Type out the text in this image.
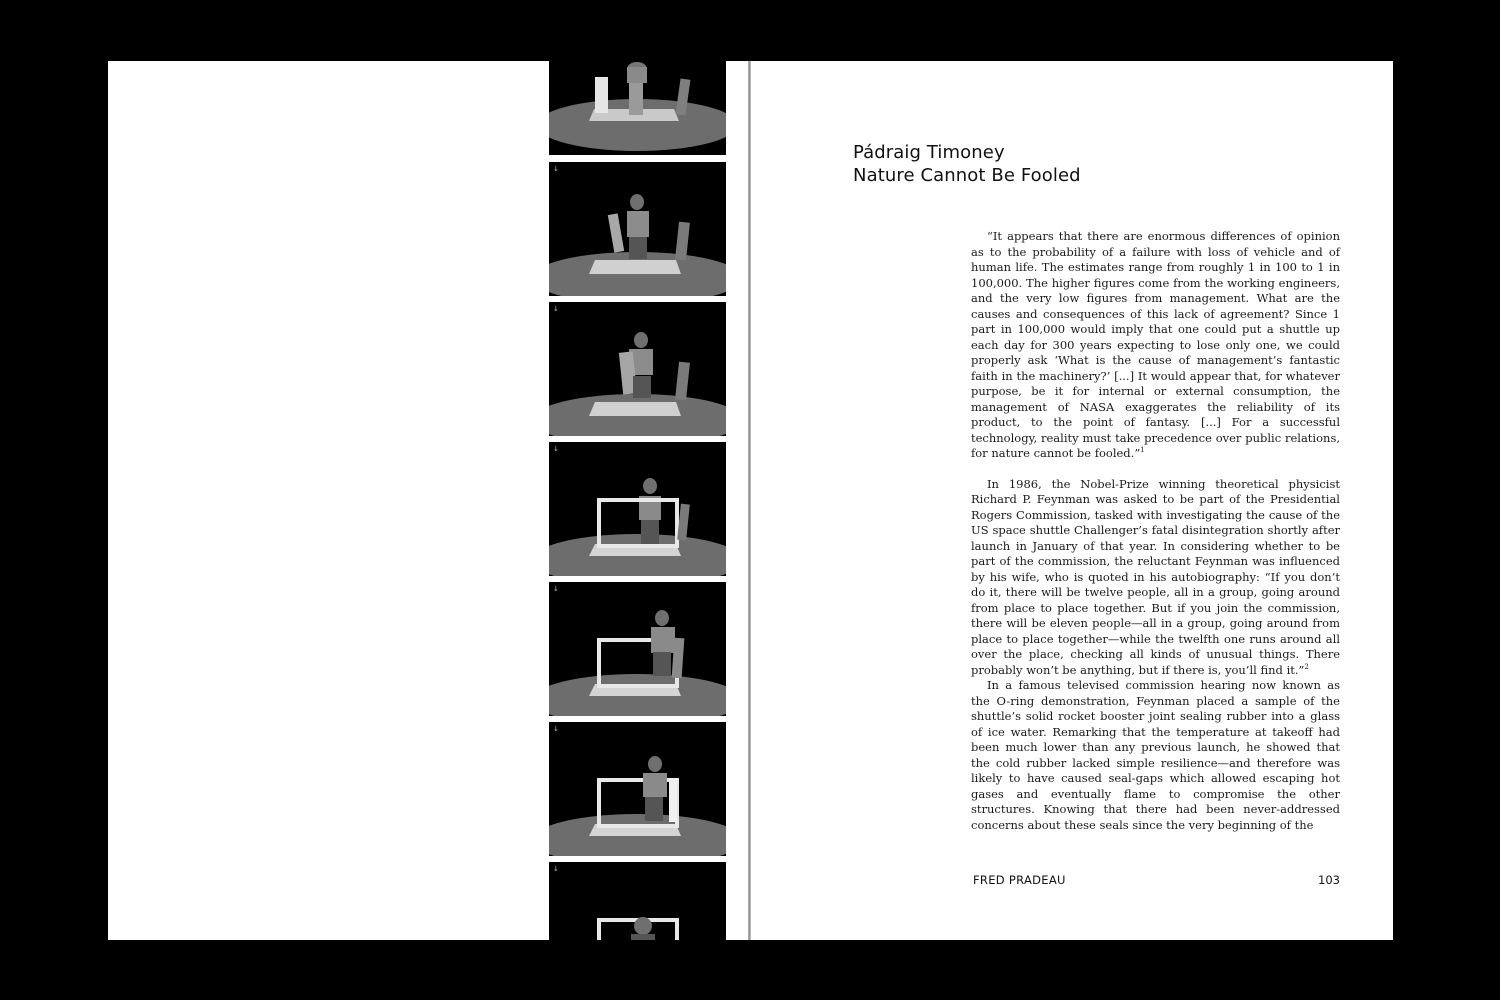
↓
↓
↓
↓
↓
↓
Pádraig Timoney
Nature Cannot Be Fooled

“It appears that there are enormous differences of opinion as to the probability of a failure with loss of vehicle and of human life. The estimates range from roughly 1 in 100 to 1 in 100,000. The higher figures come from the working engineers, and the very low figures from management. What are the causes and consequences of this lack of agreement? Since 1 part in 100,000 would imply that one could put a shuttle up each day for 300 years expecting to lose only one, we could properly ask ‘What is the cause of management’s fantastic faith in the machinery?’ [...] It would appear that, for whatever purpose, be it for internal or external consumption, the management of NASA exaggerates the reliability of its product, to the point of fantasy. [...] For a successful technology, reality must take precedence over public relations, for nature cannot be fooled.”$^1$

In 1986, the Nobel-Prize winning theoretical physicist Richard P. Feynman was asked to be part of the Presidential Rogers Commission, tasked with investigating the cause of the US space shuttle Challenger’s fatal disintegration shortly after launch in January of that year. In considering whether to be part of the commission, the reluctant Feynman was influenced by his wife, who is quoted in his autobiography: “If you don’t do it, there will be twelve people, all in a group, going around from place to place together. But if you join the commission, there will be eleven people—all in a group, going around from place to place together—while the twelfth one runs around all over the place, checking all kinds of unusual things. There probably won’t be anything, but if there is, you’ll find it.”$^2$

In a famous televised commission hearing now known as the O-ring demonstration, Feynman placed a sample of the shuttle’s solid rocket booster joint sealing rubber into a glass of ice water. Remarking that the temperature at takeoff had been much lower than any previous launch, he showed that the cold rubber lacked simple resilience—and therefore was likely to have caused seal-gaps which allowed escaping hot gases and eventually flame to compromise the other structures. Knowing that there had been never-addressed concerns about these seals since the very beginning of the

FRED PRADEAU	103
